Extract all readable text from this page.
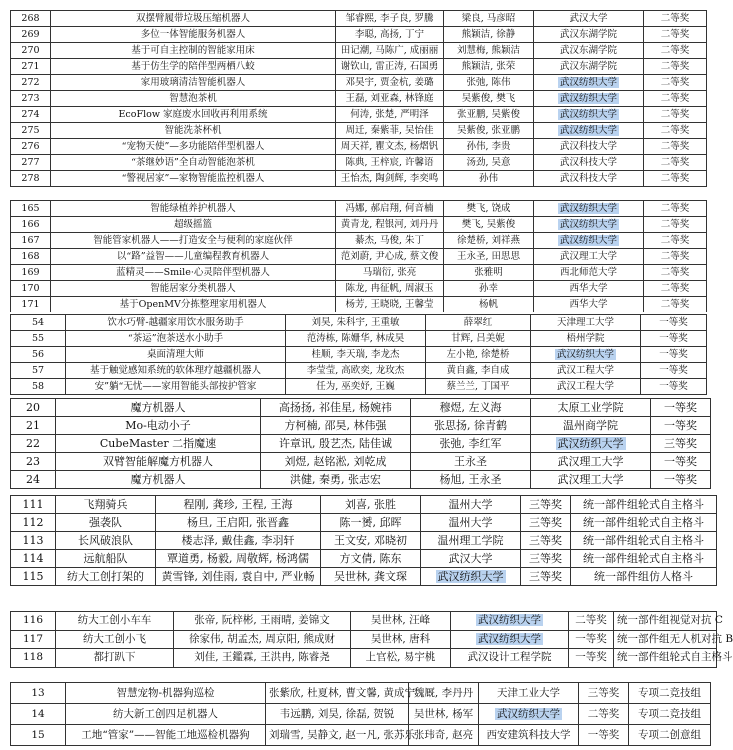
268	双摆臂履带垃圾压缩机器人	邹睿熙, 李子良, 罗騰	梁良, 马彦昭	武汉大学	二等奖
269	多位一体智能服务机器人	李聪, 高扬, 丁宁	熊颖洁, 徐静	武汉东湖学院	二等奖
270	基于可自主控制的智能家用床	田记潮, 马陈广, 成丽丽	刘慧梅, 熊颖洁	武汉东湖学院	二等奖
271	基于仿生学的陪伴型两栖八蛟	谢钦山, 雷正涛, 石国勇	熊颖洁, 张荣	武汉东湖学院	二等奖
272	家用玻璃清洁智能机器人	邓昊宇, 贾金杭, 姜璐	张弛, 陈伟	武汉纺织大学	二等奖
273	智慧泡茶机	王磊, 刘亚森, 林锋庭	吴紫俊, 樊飞	武汉纺织大学	二等奖
274	EcoFlow 家庭废水回收再利用系统	何涛, 张楚, 严明泽	张亚鹏, 吴紫俊	武汉纺织大学	二等奖
275	智能洗茶杯机	周迁, 秦紫菲, 吴怡佳	吴紫俊, 张亚鹏	武汉纺织大学	二等奖
276	“宠物天使”—多功能陪伴型机器人	周天祥, 瞿文杰, 杨熠钒	孙伟, 李贵	武汉科技大学	二等奖
277	“茶继妙语”全自动智能泡茶机	陈典, 王梓宸, 许馨语	汤劲, 吴意	武汉科技大学	二等奖
278	“警视居家”—家物智能监控机器人	王怡杰, 陶剑辉, 李奕鸣	孙伟	武汉科技大学	二等奖
165	智能绿植养护机器人	冯娜, 郝启翔, 何音楠	樊飞, 饶成	武汉纺织大学	二等奖
166	超级摇篮	黄青龙, 程银河, 刘丹丹	樊飞, 吴紫俊	武汉纺织大学	二等奖
167	智能管家机器人——打造安全与便利的家庭伙伴	綦杰, 马俊, 朱丁	徐楚桥, 刘祥燕	武汉纺织大学	二等奖
168	以“路”益智——儿童编程教育机器人	范刘蔚, 尹心成, 蔡文俊	王永圣, 田思思	武汉理工大学	二等奖
169	蓝精灵——Smile·心灵陪伴型机器人	马瑞衍, 张亮	张雅明	西北师范大学	二等奖
170	智能居家分类机器人	陈龙, 冉征帆, 周淑玉	孙幸	西华大学	二等奖
171	基于OpenMV分拣整理家用机器人	杨芳, 王晓晓, 王馨莹	杨帆	西华大学	二等奖
54	饮水巧臂-越疆家用饮水服务助手	刘昊, 朱科宇, 王重敏	薛翠红	天津理工大学	一等奖
55	“茶运”泡茶送水小助手	范涛栋, 陈姗华, 林成昊	甘辉, 吕美妮	梧州学院	一等奖
56	桌面清理大师	桂顺, 李天瑞, 李龙杰	左小艳, 徐楚桥	武汉纺织大学	一等奖
57	基于触觉感知系统的软体理疗越疆机器人	李莹莹, 高欧奕, 龙玫杰	黄自鑫, 李自成	武汉工程大学	一等奖
58	安”躺“无忧——家用智能头部按护管家	任为, 巫奕妤, 王巍	蔡兰兰, 丁国平	武汉工程大学	一等奖
20	魔方机器人	高扬扬, 祁佳星, 杨婉祎	穆煜, 左义海	太原工业学院	一等奖
21	Mo-电动小子	方柯楠, 邵昊, 林伟强	张思扬, 徐青鹤	温州商学院	一等奖
22	CubeMaster 二指魔速	许章讯, 殷艺杰, 陆佳诚	张弛, 李红军	武汉纺织大学	三等奖
23	双臂智能解魔方机器人	刘煜, 赵铭淞, 刘乾成	王永圣	武汉理工大学	一等奖
24	魔方机器人	洪健, 秦勇, 张志宏	杨旭, 王永圣	武汉理工大学	一等奖
111	飞翔骑兵	程刚, 龚珍, 王程, 王海	刘喜, 张胜	温州大学	三等奖	统一部件组轮式自主格斗
112	强袭队	杨旦, 王启阳, 张晋鑫	陈一赟, 邱晖	温州大学	三等奖	统一部件组轮式自主格斗
113	长风破浪队	楼志泽, 戴佳鑫, 李羽轩	王文安, 邓晓初	温州理工学院	三等奖	统一部件组轮式自主格斗
114	远航船队	覃道勇, 杨毅, 周敬辉, 杨鸿儒	方文倩, 陈东	武汉大学	三等奖	统一部件组轮式自主格斗
115	纺大工创打架的	黄雪锋, 刘佳雨, 袁自中, 严业畅	吴世林, 龚文琛	武汉纺织大学	三等奖	统一部件组仿人格斗
116	纺大工创小车车	张帝, 阮梓彬, 王雨晴, 姜锦文	吴世林, 汪峰	武汉纺织大学	二等奖	统一部件组视觉对抗 C
117	纺大工创小飞	徐家伟, 胡孟杰, 周京阳, 熊成财	吴世林, 唐科	武汉纺织大学	一等奖	统一部件组无人机对抗 B
118	都打趴下	刘佳, 王鑑霖, 王洪冉, 陈睿尧	上官松, 易宇桃	武汉设计工程学院	一等奖	统一部件组轮式自主格斗
13	智慧宠物-机器狗巡检	张紫欣, 杜夏林, 曹文馨, 黄成宁	魏厩, 李丹丹	天津工业大学	三等奖	专项二竞技组
14	纺大新工创四足机器人	韦远鹏, 刘昊, 徐磊, 贺锐	吴世林, 杨军	武汉纺织大学	二等奖	专项二竞技组
15	工地“管家”——智能工地巡检机器狗	刘瑞雪, 吴静文, 赵一凡, 张苏乐	张玮奇, 赵亮	西安建筑科技大学	一等奖	专项二创意组
